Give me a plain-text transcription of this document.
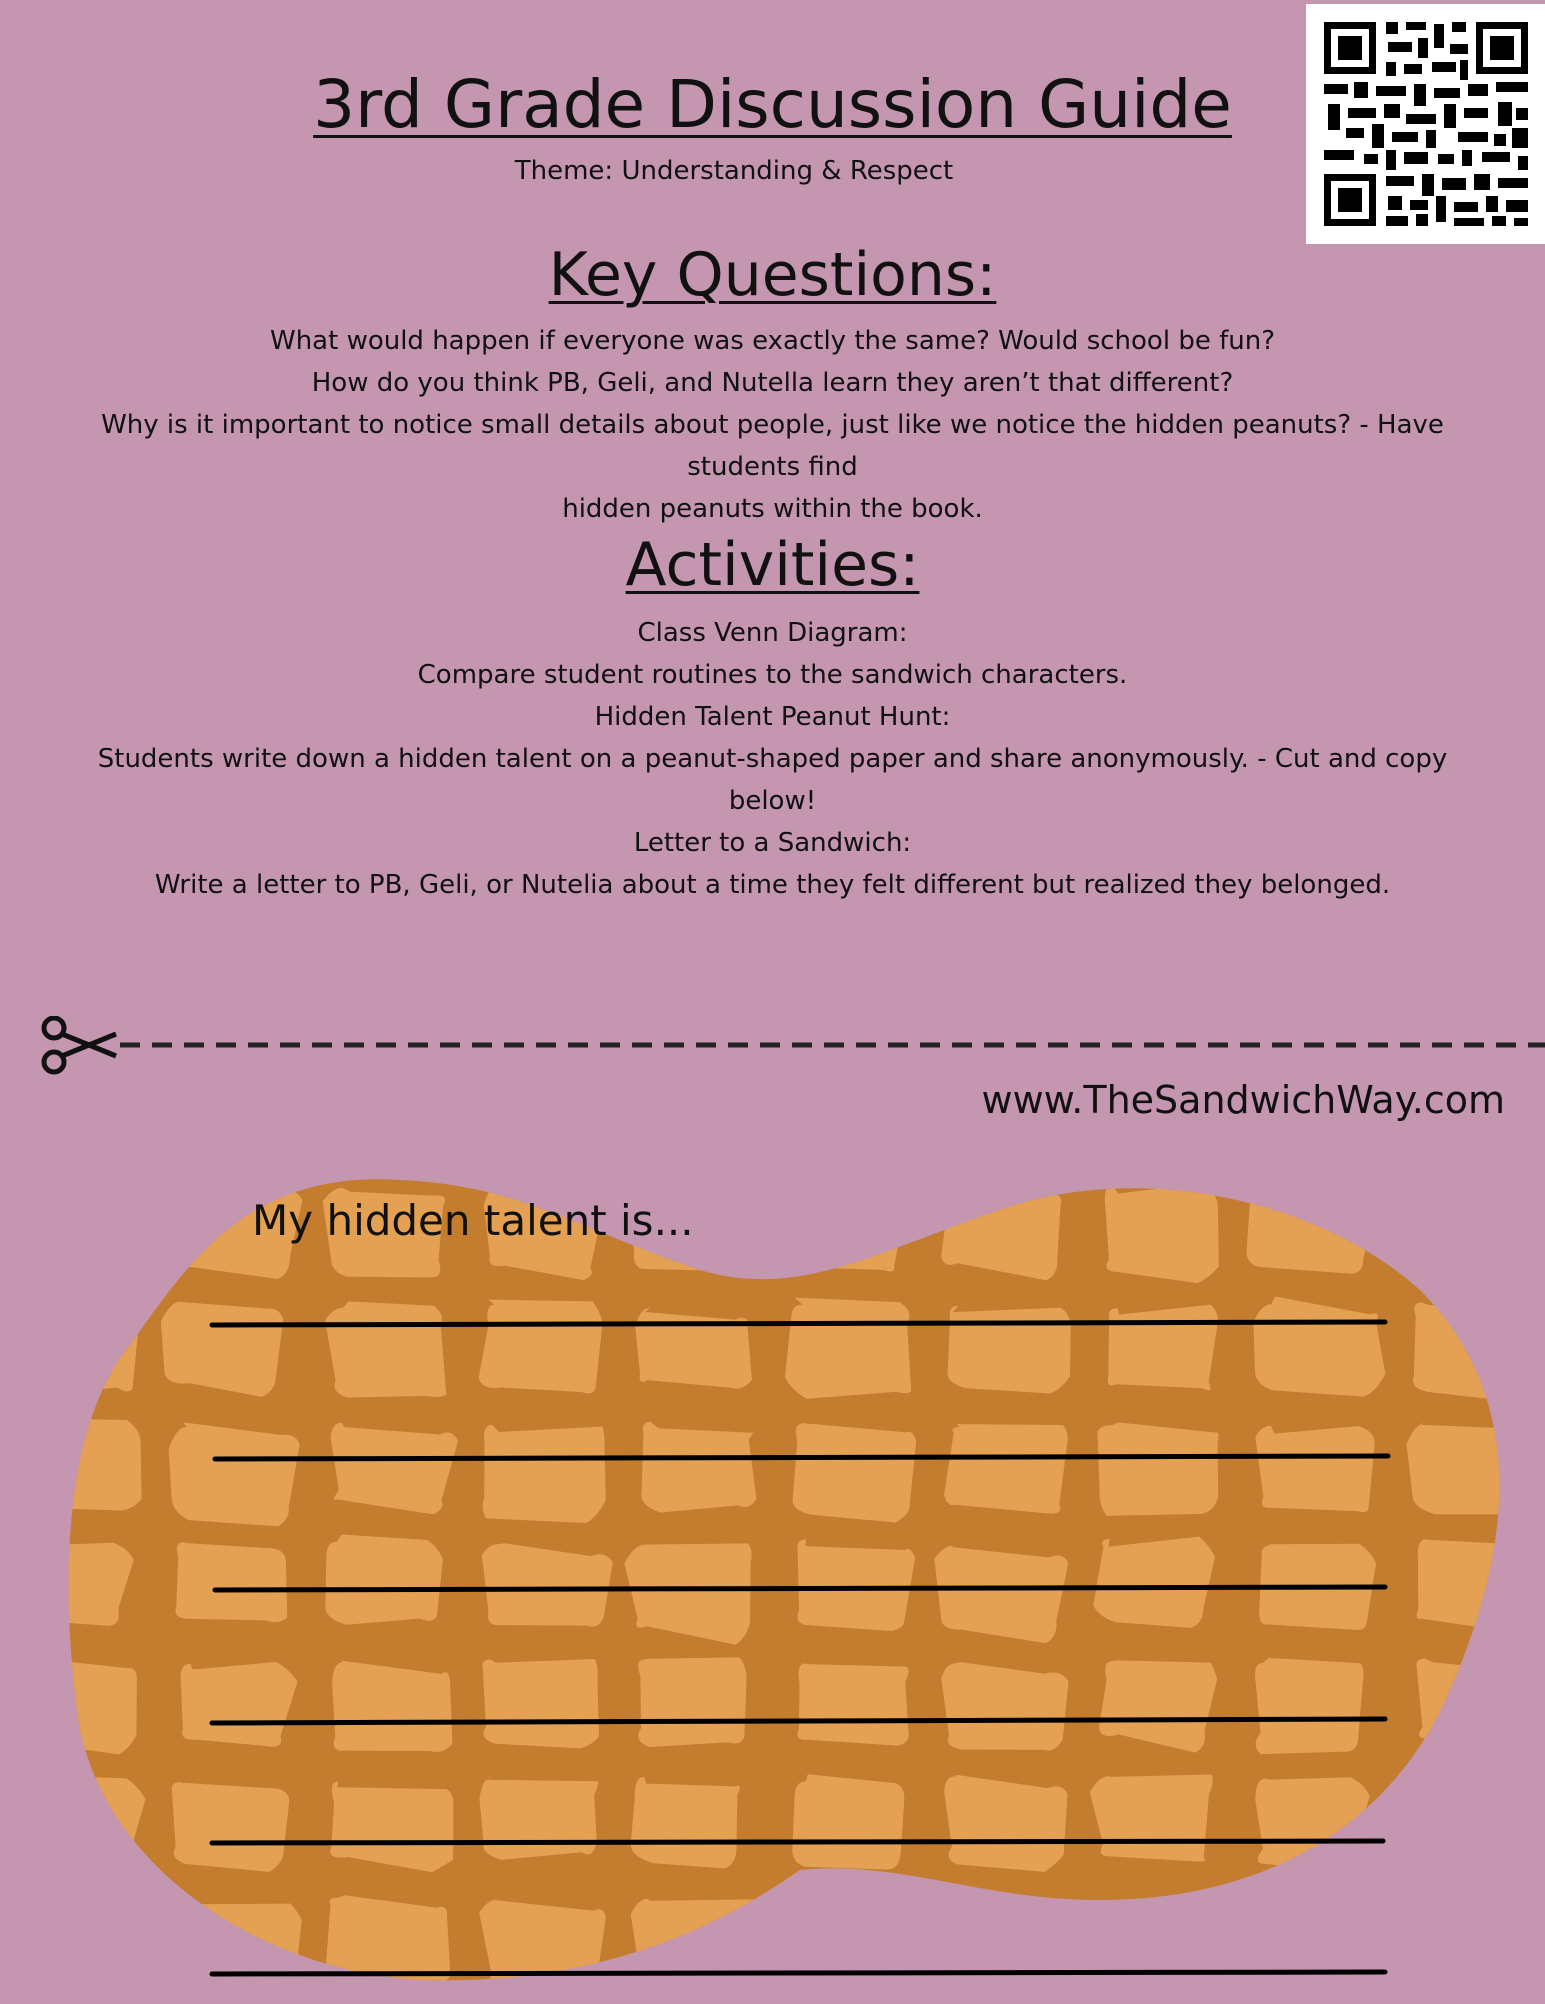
3rd Grade Discussion Guide
Theme: Understanding & Respect
Key Questions:
What would happen if everyone was exactly the same? Would school be fun?
How do you think PB, Geli, and Nutella learn they aren’t that different?
Why is it important to notice small details about people, just like we notice the hidden peanuts? - Have students find
hidden peanuts within the book.
Activities:
Class Venn Diagram:
Compare student routines to the sandwich characters.
Hidden Talent Peanut Hunt:
Students write down a hidden talent on a peanut-shaped paper and share anonymously. - Cut and copy below!
Letter to a Sandwich:
Write a letter to PB, Geli, or Nutelia about a time they felt different but realized they belonged.
www.TheSandwichWay.com
My hidden talent is...
